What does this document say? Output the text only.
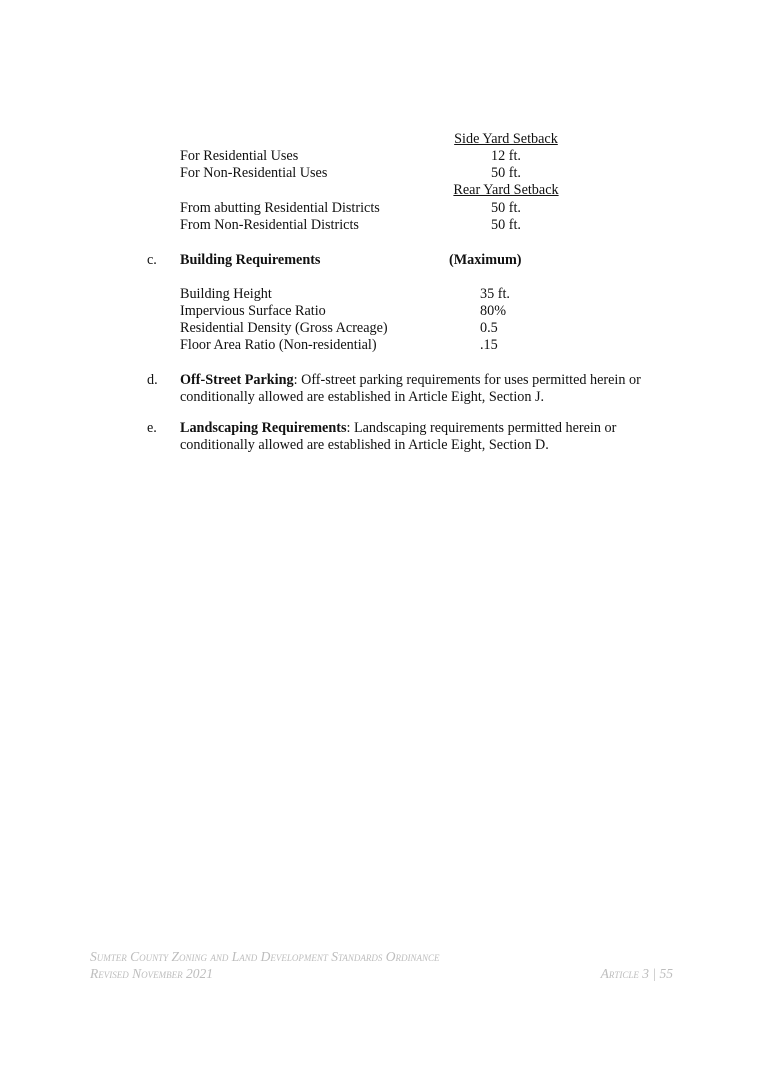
Side Yard Setback
For Residential Uses	12 ft.
For Non-Residential Uses	50 ft.
Rear Yard Setback
From abutting Residential Districts	50 ft.
From Non-Residential Districts	50 ft.
c. Building Requirements	(Maximum)
Building Height	35 ft.
Impervious Surface Ratio	80%
Residential Density (Gross Acreage)	0.5
Floor Area Ratio (Non-residential)	.15
d. Off-Street Parking: Off-street parking requirements for uses permitted herein or conditionally allowed are established in Article Eight, Section J.
e. Landscaping Requirements: Landscaping requirements permitted herein or conditionally allowed are established in Article Eight, Section D.
Sumter County Zoning and Land Development Standards Ordinance
Revised November 2021	Article 3 | 55
